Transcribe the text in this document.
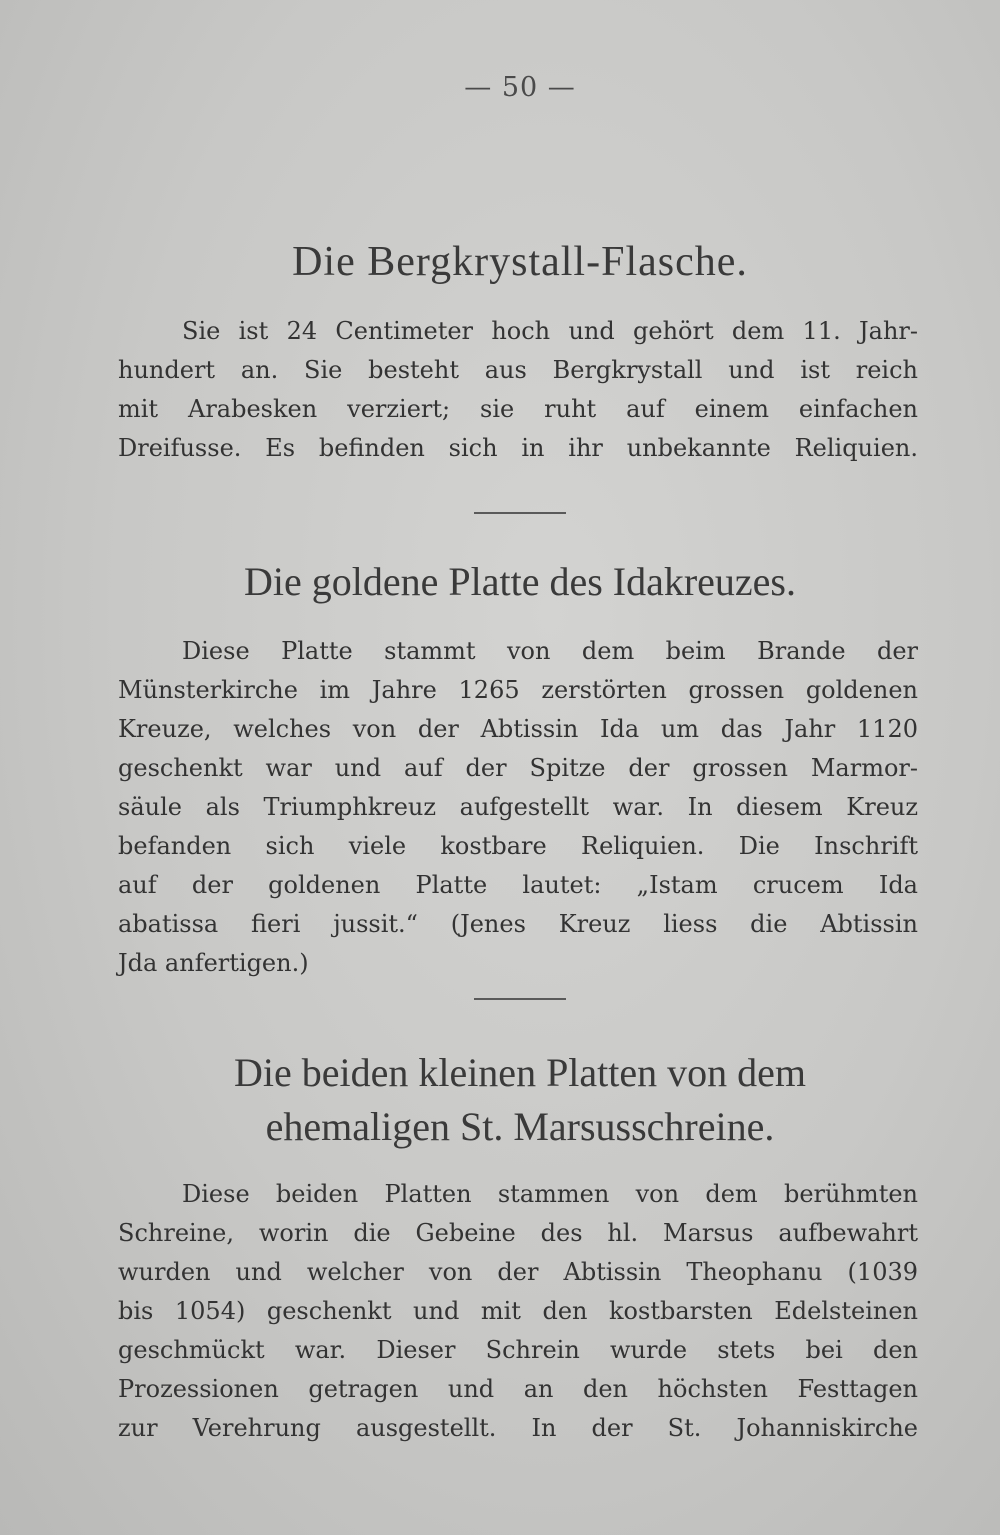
— 50 —
Die Bergkrystall-Flasche.

Sie ist 24 Centimeter hoch und gehört dem 11. Jahr-
hundert an. Sie besteht aus Bergkrystall und ist reich
mit Arabesken verziert; sie ruht auf einem einfachen
Dreifusse. Es befinden sich in ihr unbekannte Reliquien.

Die goldene Platte des Idakreuzes.

Diese Platte stammt von dem beim Brande der
Münsterkirche im Jahre 1265 zerstörten grossen goldenen
Kreuze, welches von der Abtissin Ida um das Jahr 1120
geschenkt war und auf der Spitze der grossen Marmor-
säule als Triumphkreuz aufgestellt war. In diesem Kreuz
befanden sich viele kostbare Reliquien. Die Inschrift
auf der goldenen Platte lautet: „Istam crucem Ida
abatissa fieri jussit.“ (Jenes Kreuz liess die Abtissin
Jda anfertigen.)

Die beiden kleinen Platten von dem
ehemaligen St. Marsusschreine.

Diese beiden Platten stammen von dem berühmten
Schreine, worin die Gebeine des hl. Marsus aufbewahrt
wurden und welcher von der Abtissin Theophanu (1039
bis 1054) geschenkt und mit den kostbarsten Edelsteinen
geschmückt war. Dieser Schrein wurde stets bei den
Prozessionen getragen und an den höchsten Festtagen
zur Verehrung ausgestellt. In der St. Johanniskirche
